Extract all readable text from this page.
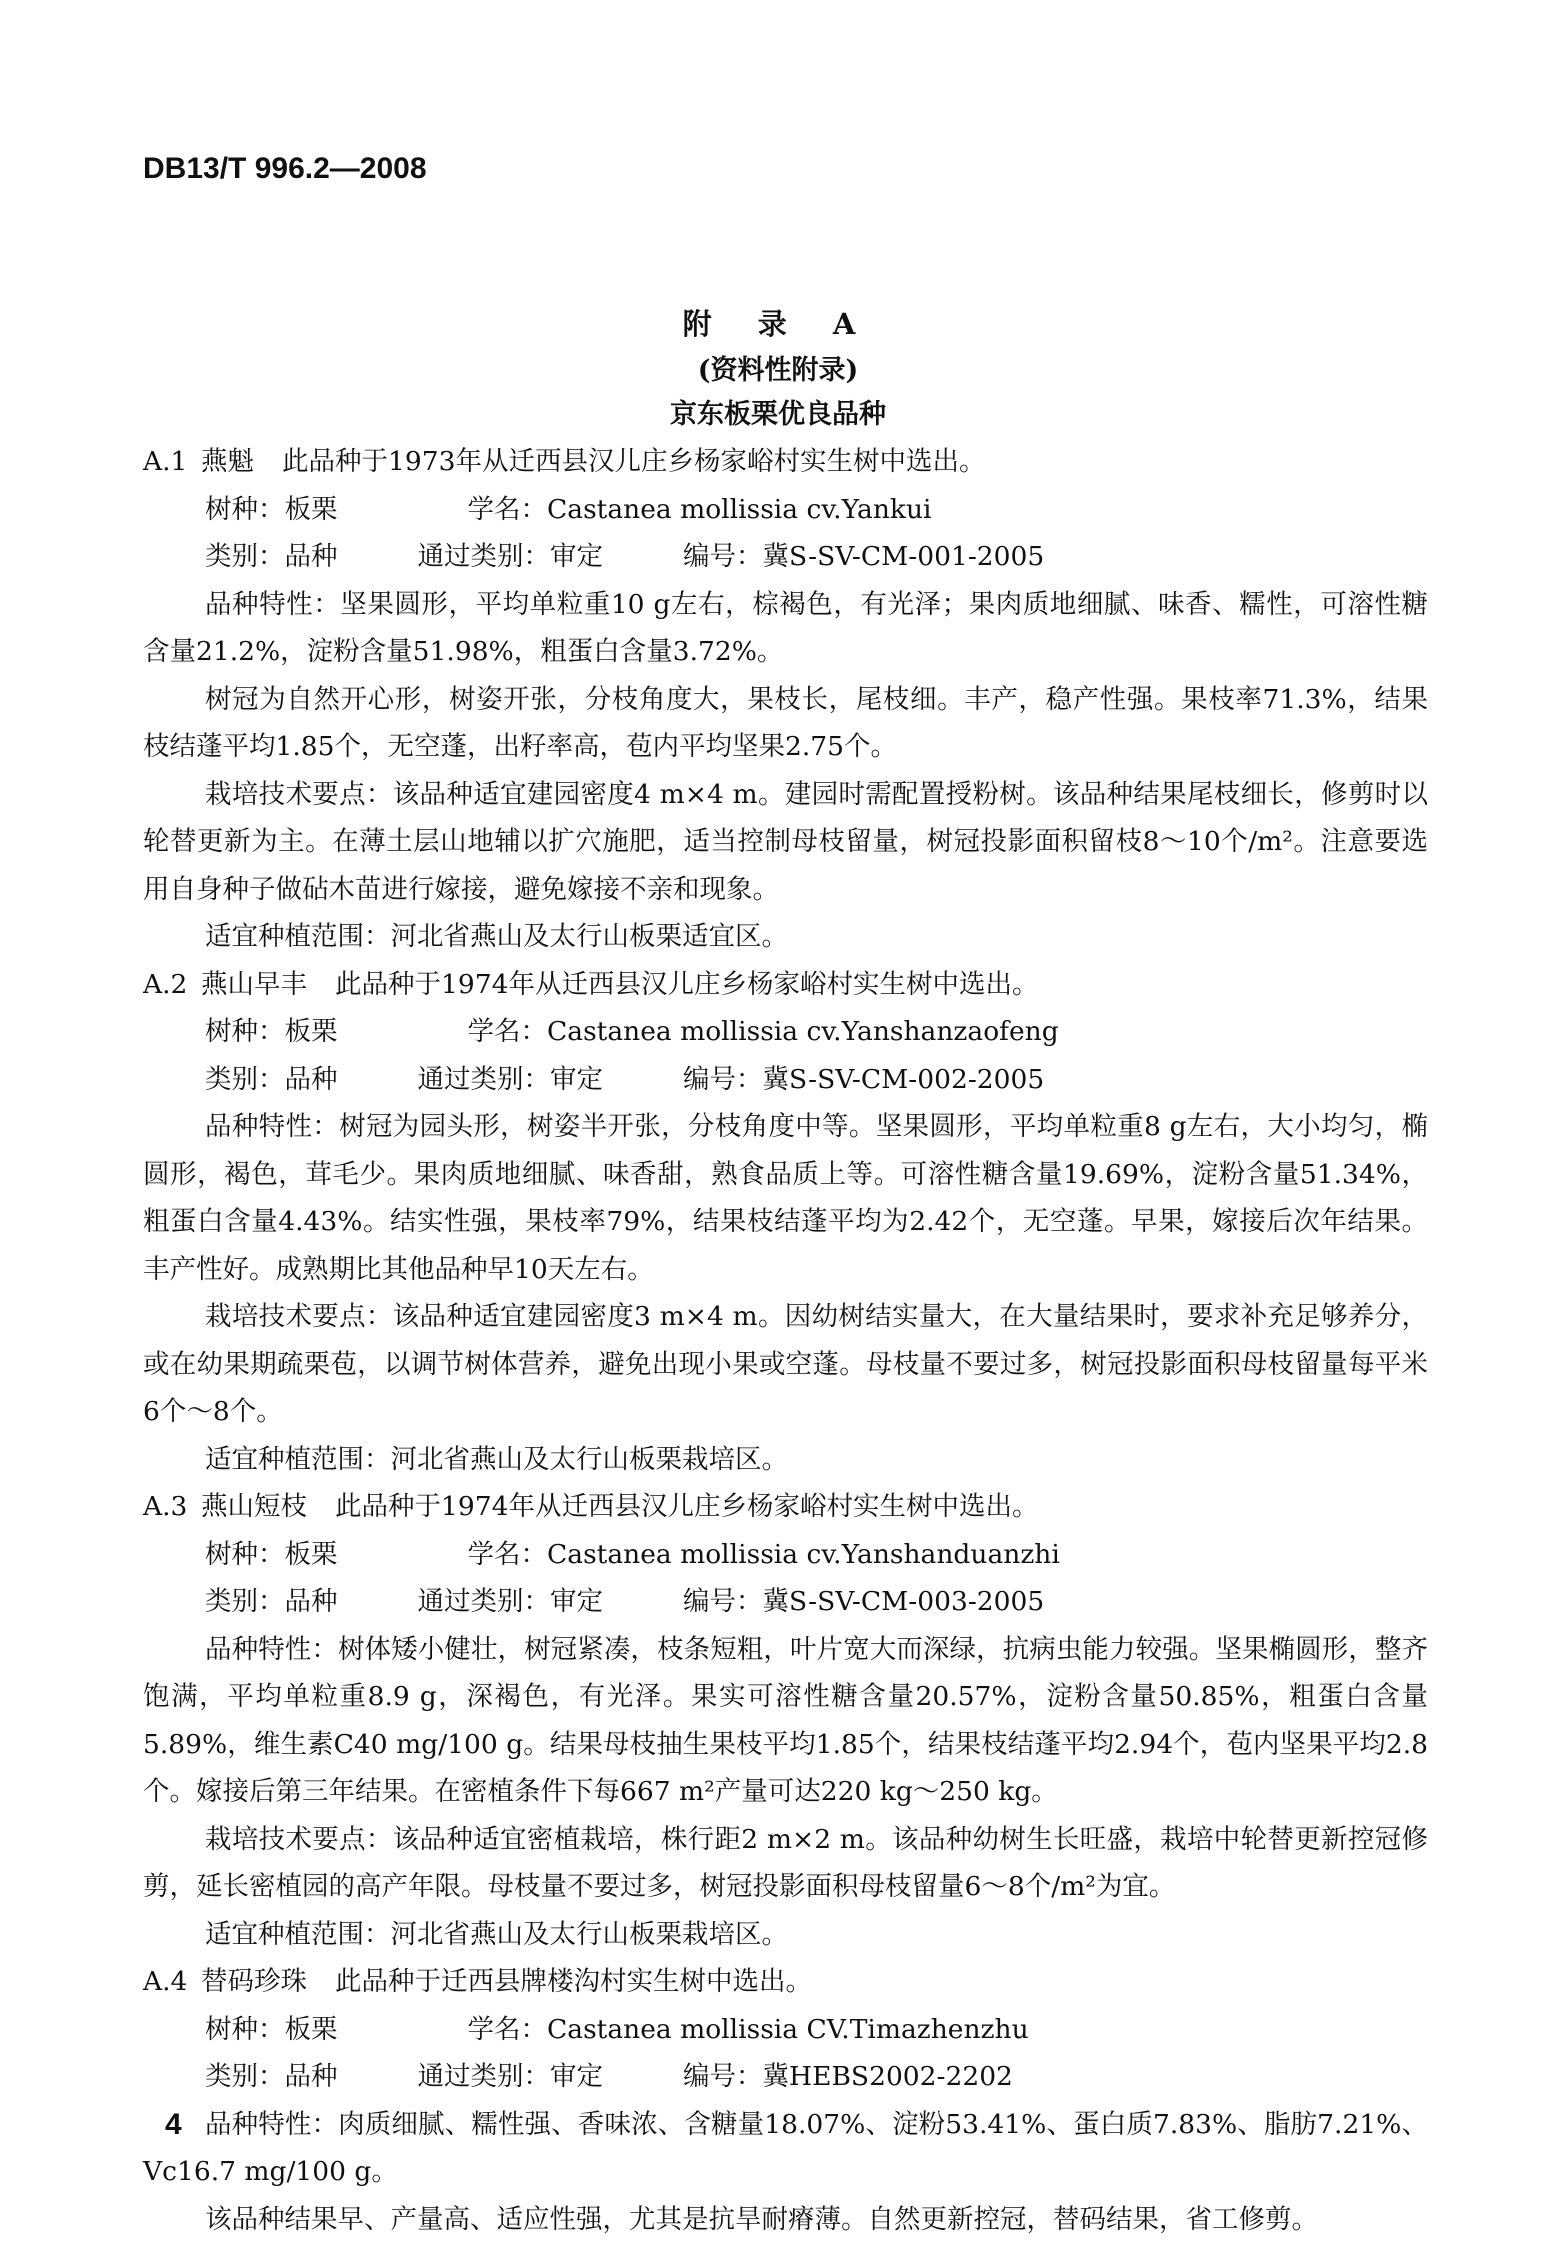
DB13/T 996.2—2008
附 录 A
(资料性附录)
京东板栗优良品种

A.1 燕魁 此品种于1973年从迁西县汉儿庄乡杨家峪村实生树中选出。

树种：板栗	学名：Castanea mollissia cv.Yankui

类别：品种	通过类别：审定	编号：冀S-SV-CM-001-2005

品种特性：坚果圆形，平均单粒重10 g左右，棕褐色，有光泽；果肉质地细腻、味香、糯性，可溶性糖含量21.2%，淀粉含量51.98%，粗蛋白含量3.72%。

树冠为自然开心形，树姿开张，分枝角度大，果枝长，尾枝细。丰产，稳产性强。果枝率71.3%，结果枝结蓬平均1.85个，无空蓬，出籽率高，苞内平均坚果2.75个。

栽培技术要点：该品种适宜建园密度4 m×4 m。建园时需配置授粉树。该品种结果尾枝细长，修剪时以轮替更新为主。在薄土层山地辅以扩穴施肥，适当控制母枝留量，树冠投影面积留枝8～10个/m²。注意要选用自身种子做砧木苗进行嫁接，避免嫁接不亲和现象。

适宜种植范围：河北省燕山及太行山板栗适宜区。

A.2 燕山早丰 此品种于1974年从迁西县汉儿庄乡杨家峪村实生树中选出。

树种：板栗	学名：Castanea mollissia cv.Yanshanzaofeng

类别：品种	通过类别：审定	编号：冀S-SV-CM-002-2005

品种特性：树冠为园头形，树姿半开张，分枝角度中等。坚果圆形，平均单粒重8 g左右，大小均匀，椭圆形，褐色，茸毛少。果肉质地细腻、味香甜，熟食品质上等。可溶性糖含量19.69%，淀粉含量51.34%，粗蛋白含量4.43%。结实性强，果枝率79%，结果枝结蓬平均为2.42个，无空蓬。早果，嫁接后次年结果。丰产性好。成熟期比其他品种早10天左右。

栽培技术要点：该品种适宜建园密度3 m×4 m。因幼树结实量大，在大量结果时，要求补充足够养分，或在幼果期疏栗苞，以调节树体营养，避免出现小果或空蓬。母枝量不要过多，树冠投影面积母枝留量每平米6个～8个。

适宜种植范围：河北省燕山及太行山板栗栽培区。

A.3 燕山短枝 此品种于1974年从迁西县汉儿庄乡杨家峪村实生树中选出。

树种：板栗	学名：Castanea mollissia cv.Yanshanduanzhi

类别：品种	通过类别：审定	编号：冀S-SV-CM-003-2005

品种特性：树体矮小健壮，树冠紧凑，枝条短粗，叶片宽大而深绿，抗病虫能力较强。坚果椭圆形，整齐饱满，平均单粒重8.9 g，深褐色，有光泽。果实可溶性糖含量20.57%，淀粉含量50.85%，粗蛋白含量5.89%，维生素C40 mg/100 g。结果母枝抽生果枝平均1.85个，结果枝结蓬平均2.94个，苞内坚果平均2.8个。嫁接后第三年结果。在密植条件下每667 m²产量可达220 kg～250 kg。

栽培技术要点：该品种适宜密植栽培，株行距2 m×2 m。该品种幼树生长旺盛，栽培中轮替更新控冠修剪，延长密植园的高产年限。母枝量不要过多，树冠投影面积母枝留量6～8个/m²为宜。

适宜种植范围：河北省燕山及太行山板栗栽培区。

A.4 替码珍珠 此品种于迁西县牌楼沟村实生树中选出。

树种：板栗	学名：Castanea mollissia CV.Timazhenzhu

类别：品种	通过类别：审定	编号：冀HEBS2002-2202

品种特性：肉质细腻、糯性强、香味浓、含糖量18.07%、淀粉53.41%、蛋白质7.83%、脂肪7.21%、Vc16.7 mg/100 g。

该品种结果早、产量高、适应性强，尤其是抗旱耐瘠薄。自然更新控冠，替码结果，省工修剪。

4
